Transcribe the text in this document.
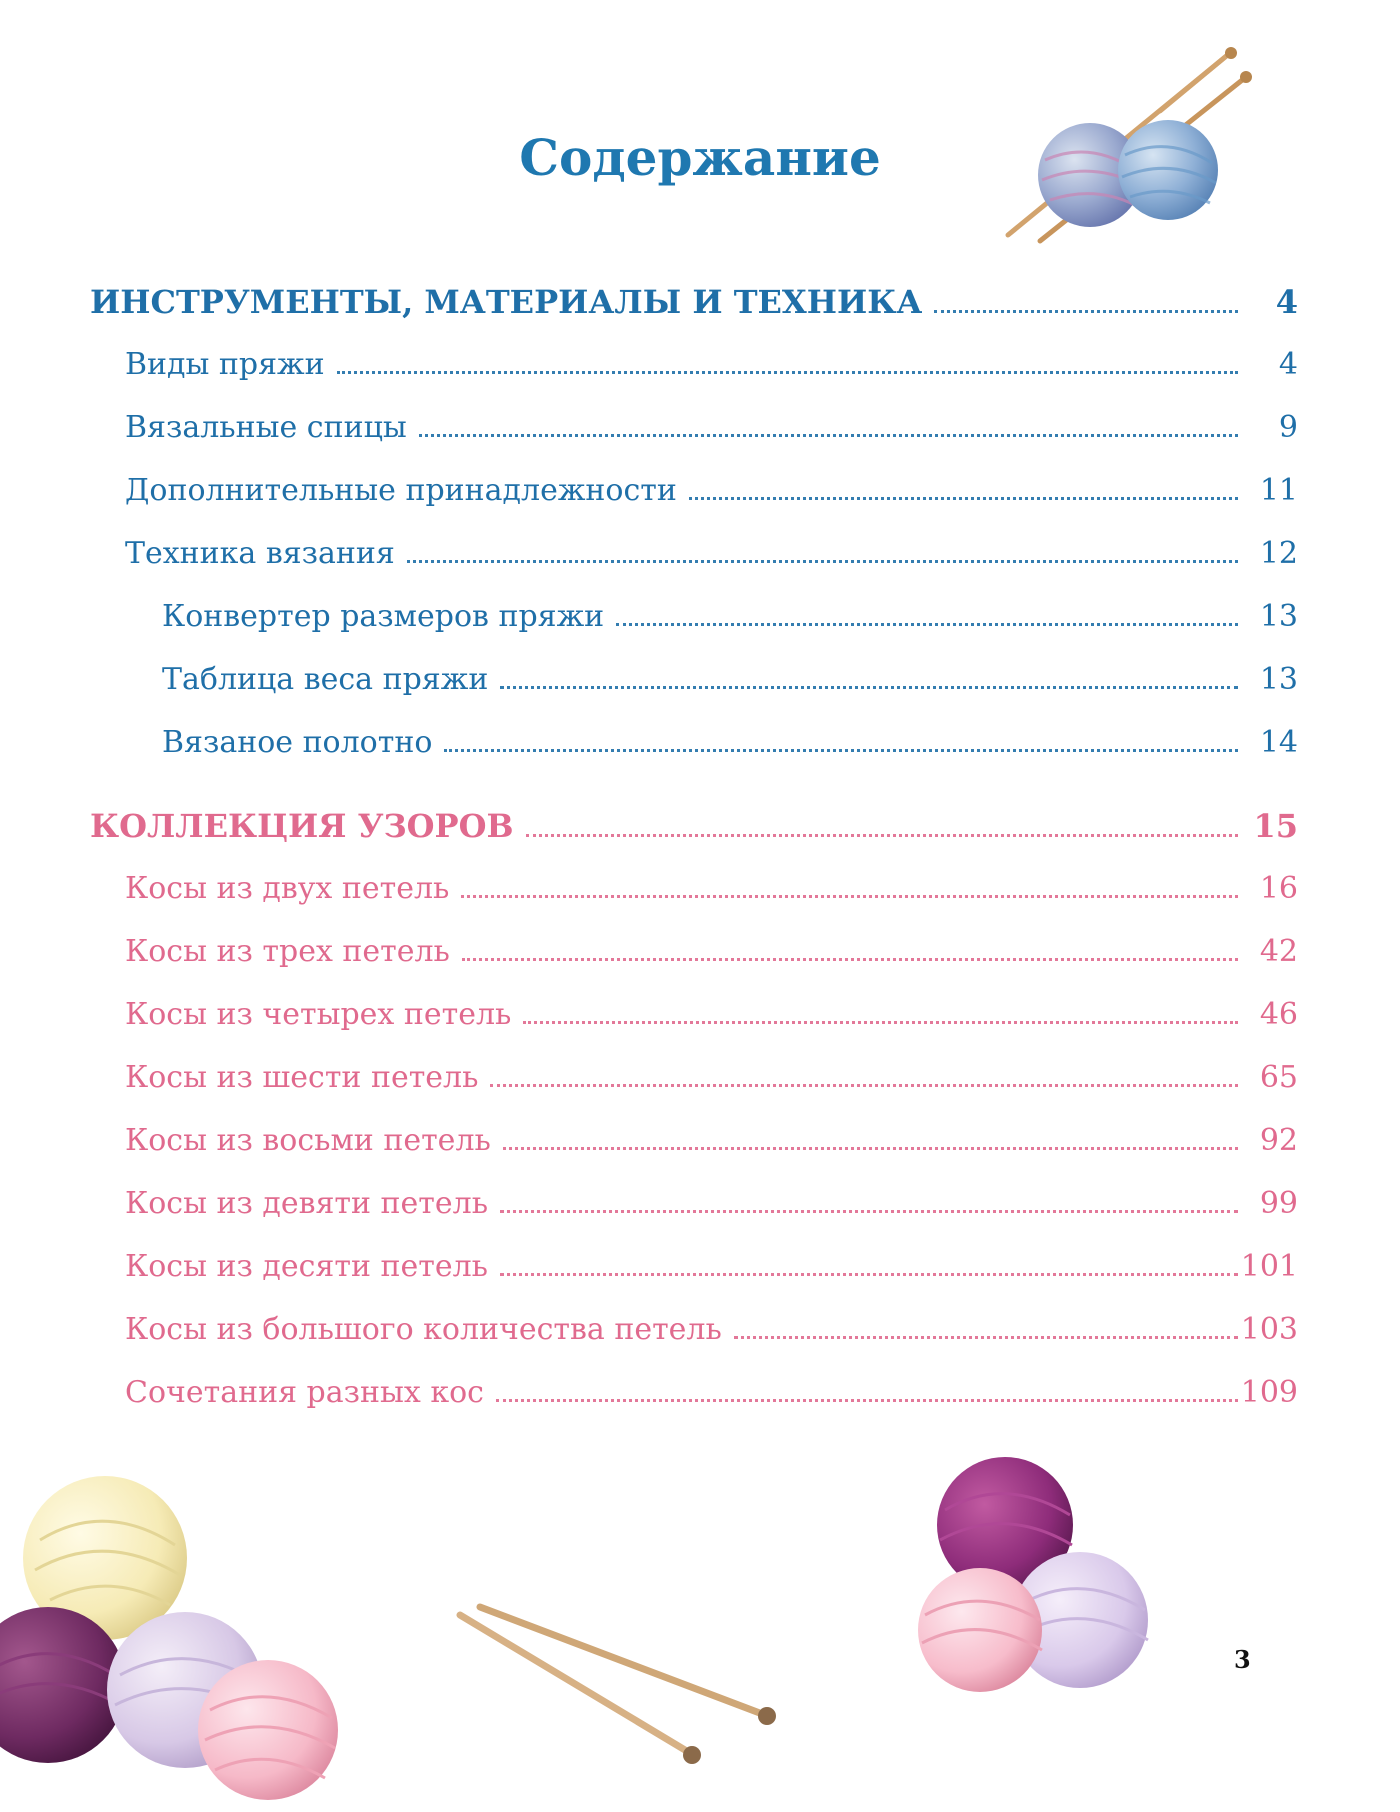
Содержание
ИНСТРУМЕНТЫ, МАТЕРИАЛЫ И ТЕХНИКА	4
Виды пряжи	4
Вязальные спицы	9
Дополнительные принадлежности	11
Техника вязания	12
Конвертер размеров пряжи	13
Таблица веса пряжи	13
Вязаное полотно	14
КОЛЛЕКЦИЯ УЗОРОВ	15
Косы из двух петель	16
Косы из трех петель	42
Косы из четырех петель	46
Косы из шести петель	65
Косы из восьми петель	92
Косы из девяти петель	99
Косы из десяти петель	101
Косы из большого количества петель	103
Сочетания разных кос	109
3
